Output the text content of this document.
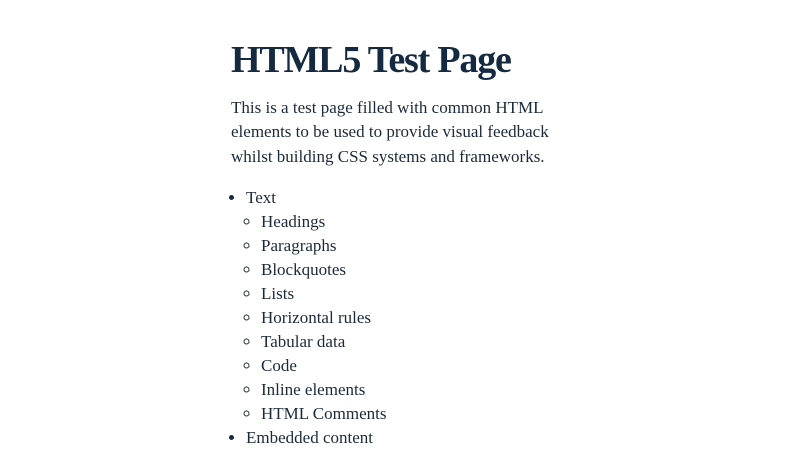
HTML5 Test Page

This is a test page filled with common HTML elements to be used to provide visual feedback whilst building CSS systems and frameworks.

• Text
◦ Headings
◦ Paragraphs
◦ Blockquotes
◦ Lists
◦ Horizontal rules
◦ Tabular data
◦ Code
◦ Inline elements
◦ HTML Comments
• Embedded content
